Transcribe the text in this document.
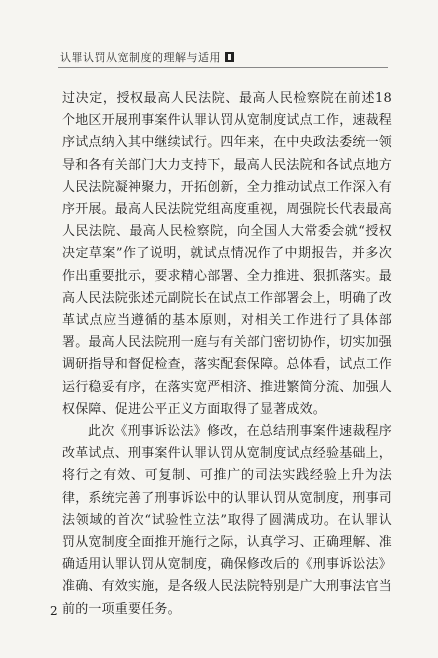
认罪认罚从宽制度的理解与适用

过决定，授权最高人民法院、最高人民检察院在前述18个地区开展刑事案件认罪认罚从宽制度试点工作，速裁程序试点纳入其中继续试行。四年来，在中央政法委统一领导和各有关部门大力支持下，最高人民法院和各试点地方人民法院凝神聚力，开拓创新，全力推动试点工作深入有序开展。最高人民法院党组高度重视，周强院长代表最高人民法院、最高人民检察院，向全国人大常委会就“授权决定草案”作了说明，就试点情况作了中期报告，并多次作出重要批示，要求精心部署、全力推进、狠抓落实。最高人民法院张述元副院长在试点工作部署会上，明确了改革试点应当遵循的基本原则，对相关工作进行了具体部署。最高人民法院刑一庭与有关部门密切协作，切实加强调研指导和督促检查，落实配套保障。总体看，试点工作运行稳妥有序，在落实宽严相济、推进繁简分流、加强人权保障、促进公平正义方面取得了显著成效。

此次《刑事诉讼法》修改，在总结刑事案件速裁程序改革试点、刑事案件认罪认罚从宽制度试点经验基础上，将行之有效、可复制、可推广的司法实践经验上升为法律，系统完善了刑事诉讼中的认罪认罚从宽制度，刑事司法领域的首次“试验性立法”取得了圆满成功。在认罪认罚从宽制度全面推开施行之际，认真学习、正确理解、准确适用认罪认罚从宽制度，确保修改后的《刑事诉讼法》准确、有效实施，是各级人民法院特别是广大刑事法官当前的一项重要任务。

2
